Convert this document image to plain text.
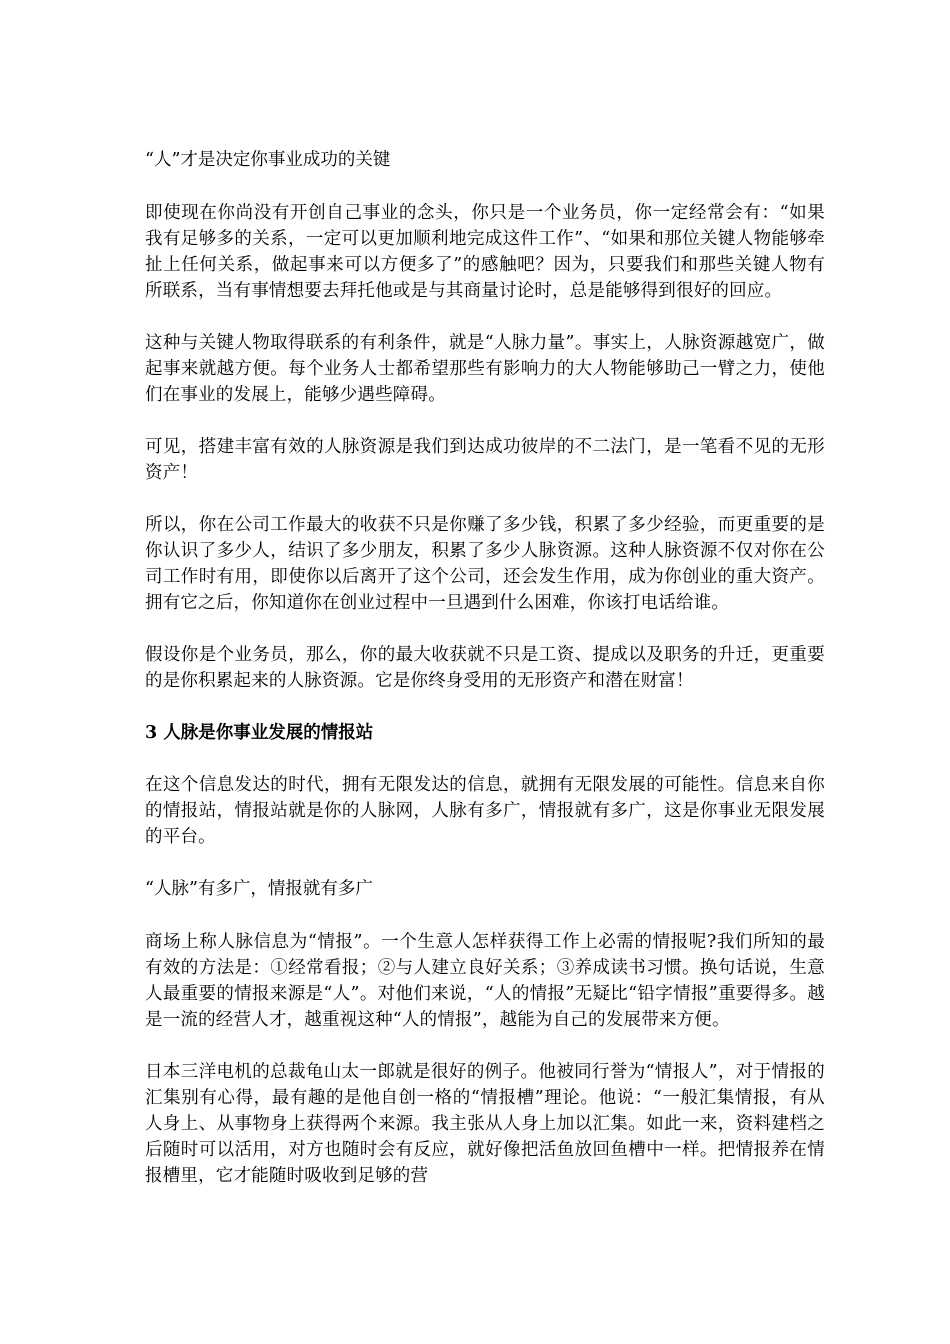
“人”才是决定你事业成功的关键

即使现在你尚没有开创自己事业的念头，你只是一个业务员，你一定经常会有：“如果我有足够多的关系，一定可以更加顺利地完成这件工作”、“如果和那位关键人物能够牵扯上任何关系，做起事来可以方便多了”的感触吧？因为，只要我们和那些关键人物有所联系，当有事情想要去拜托他或是与其商量讨论时，总是能够得到很好的回应。

这种与关键人物取得联系的有利条件，就是“人脉力量”。事实上，人脉资源越宽广，做起事来就越方便。每个业务人士都希望那些有影响力的大人物能够助己一臂之力，使他们在事业的发展上，能够少遇些障碍。

可见，搭建丰富有效的人脉资源是我们到达成功彼岸的不二法门，是一笔看不见的无形资产！

所以，你在公司工作最大的收获不只是你赚了多少钱，积累了多少经验，而更重要的是你认识了多少人，结识了多少朋友，积累了多少人脉资源。这种人脉资源不仅对你在公司工作时有用，即使你以后离开了这个公司，还会发生作用，成为你创业的重大资产。拥有它之后，你知道你在创业过程中一旦遇到什么困难，你该打电话给谁。

假设你是个业务员，那么，你的最大收获就不只是工资、提成以及职务的升迁，更重要的是你积累起来的人脉资源。它是你终身受用的无形资产和潜在财富！

3 人脉是你事业发展的情报站

在这个信息发达的时代，拥有无限发达的信息，就拥有无限发展的可能性。信息来自你的情报站，情报站就是你的人脉网，人脉有多广，情报就有多广，这是你事业无限发展的平台。

“人脉”有多广，情报就有多广

商场上称人脉信息为“情报”。一个生意人怎样获得工作上必需的情报呢?我们所知的最有效的方法是：①经常看报；②与人建立良好关系；③养成读书习惯。换句话说，生意人最重要的情报来源是“人”。对他们来说，“人的情报”无疑比“铅字情报”重要得多。越是一流的经营人才，越重视这种“人的情报”，越能为自己的发展带来方便。

日本三洋电机的总裁龟山太一郎就是很好的例子。他被同行誉为“情报人”，对于情报的汇集别有心得，最有趣的是他自创一格的“情报槽”理论。他说：“一般汇集情报，有从人身上、从事物身上获得两个来源。我主张从人身上加以汇集。如此一来，资料建档之后随时可以活用，对方也随时会有反应，就好像把活鱼放回鱼槽中一样。把情报养在情报槽里，它才能随时吸收到足够的营
